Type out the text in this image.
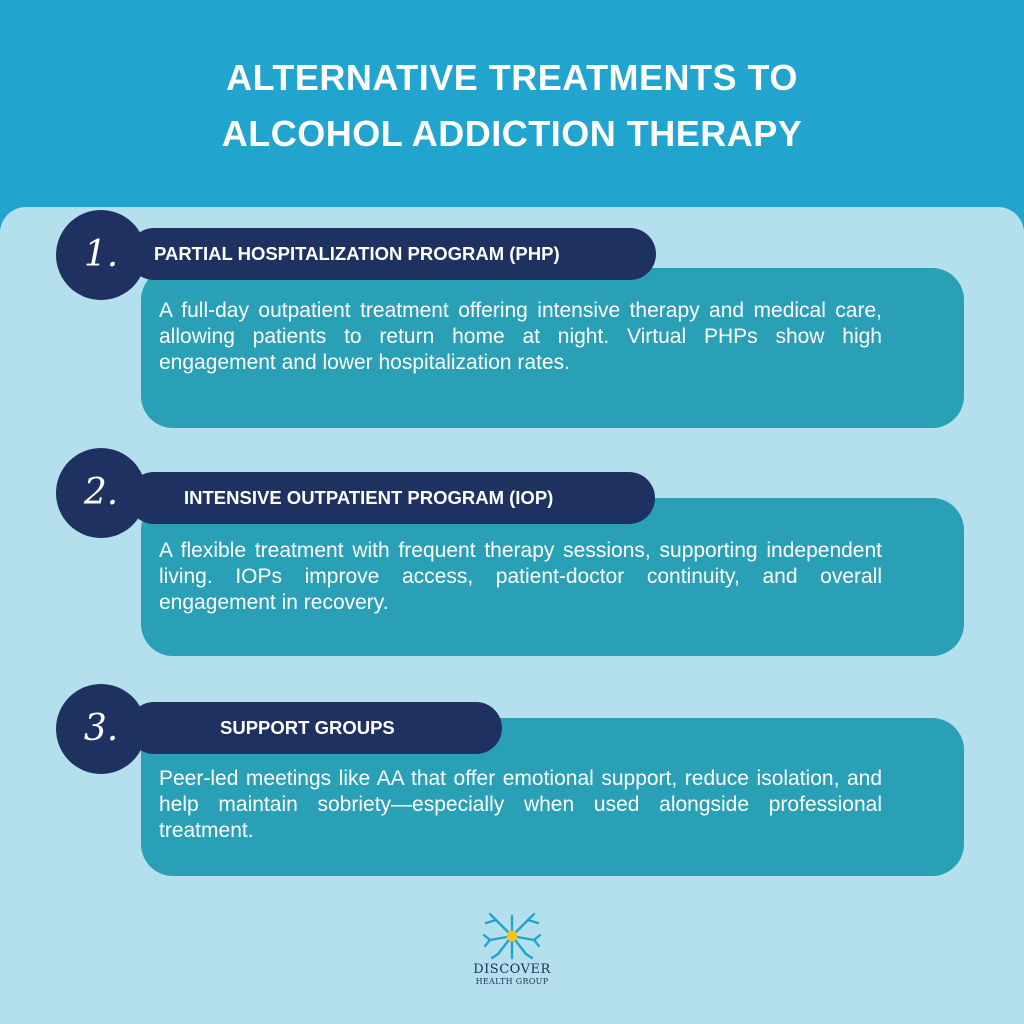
ALTERNATIVE TREATMENTS TO
ALCOHOL ADDICTION THERAPY

A full-day outpatient treatment offering intensive therapy and medical care, allowing patients to return home at night. Virtual PHPs show high engagement and lower hospitalization rates.

PARTIAL HOSPITALIZATION PROGRAM (PHP)
1.

A flexible treatment with frequent therapy sessions, supporting independent living. IOPs improve access, patient-doctor continuity, and overall engagement in recovery.

INTENSIVE OUTPATIENT PROGRAM (IOP)
2.

Peer-led meetings like AA that offer emotional support, reduce isolation, and help maintain sobriety—especially when used alongside professional treatment.

SUPPORT GROUPS
3.
DISCOVER
HEALTH GROUP
